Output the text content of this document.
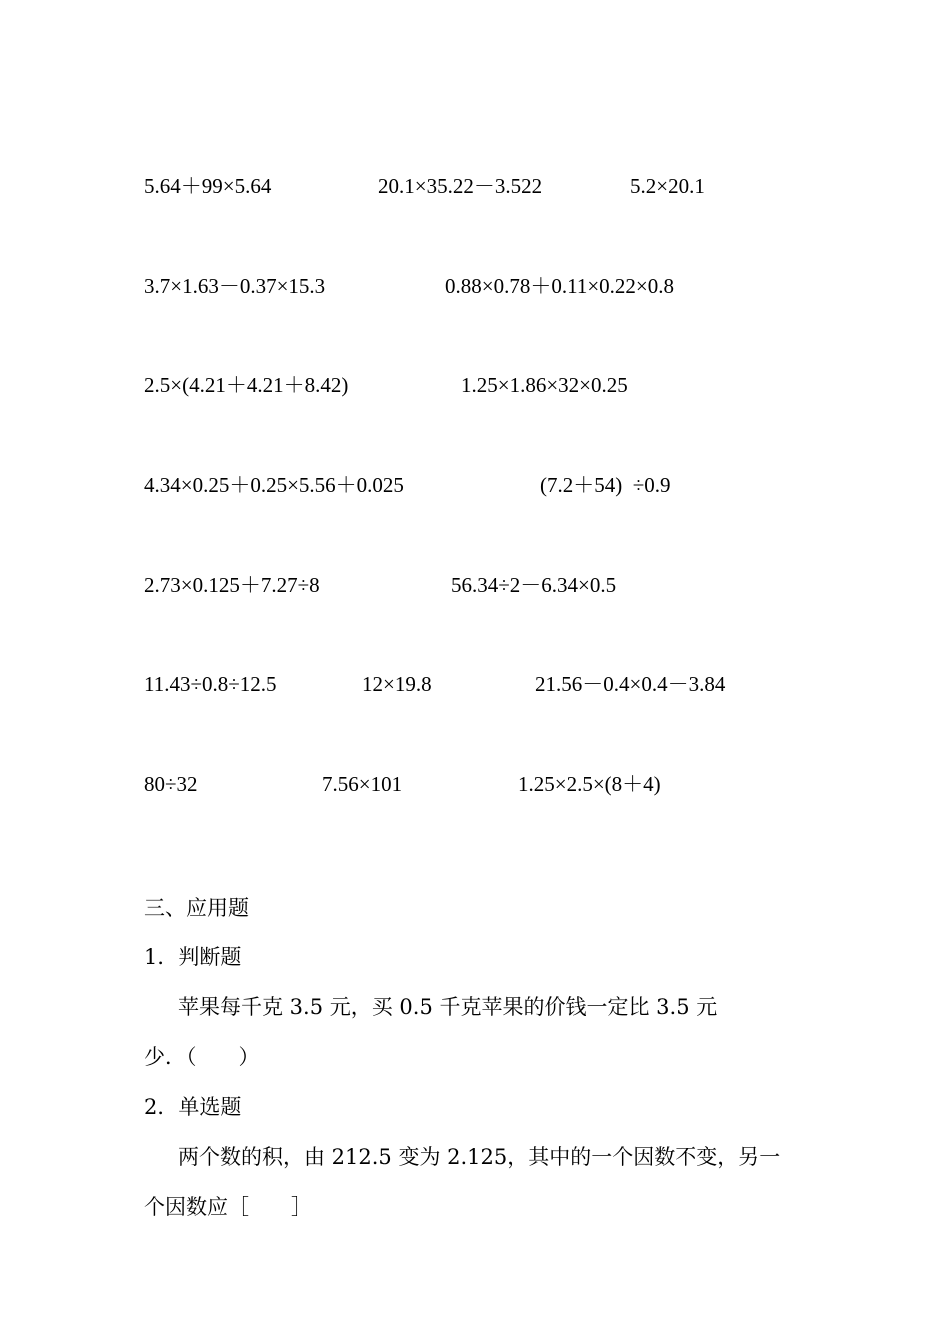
5.64＋99×5.64	20.1×35.22－3.522	5.2×20.1
3.7×1.63－0.37×15.3	0.88×0.78＋0.11×0.22×0.8
2.5×(4.21＋4.21＋8.42)	1.25×1.86×32×0.25
4.34×0.25＋0.25×5.56＋0.025	(7.2＋54)  ÷0.9
2.73×0.125＋7.27÷8	56.34÷2－6.34×0.5
11.43÷0.8÷12.5	12×19.8	21.56－0.4×0.4－3.84
80÷32	7.56×101	1.25×2.5×(8＋4)
三、应用题
1．判断题
苹果每千克 3.5 元，买 0.5 千克苹果的价钱一定比 3.5 元
少．（　　）
2．单选题
两个数的积，由 212.5 变为 2.125，其中的一个因数不变，另一
个因数应［　　］
